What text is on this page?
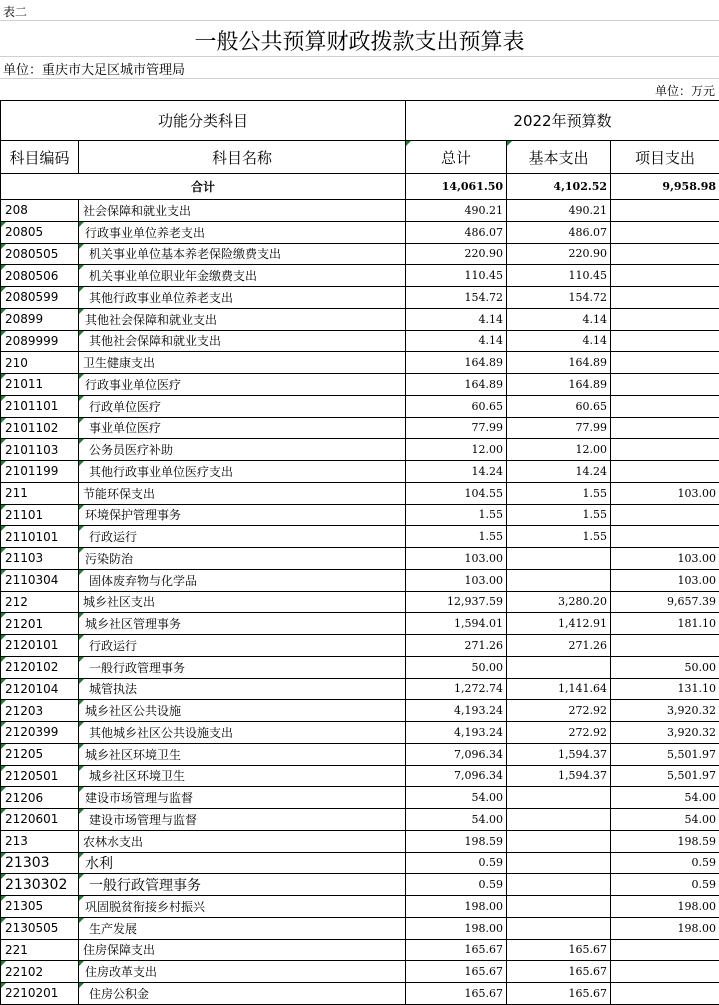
表二
一般公共预算财政拨款支出预算表
单位：重庆市大足区城市管理局
单位：万元
功能分类科目		2022年预算数		
科目编码	科目名称	总计	基本支出	项目支出
合计		14,061.50	4,102.52	9,958.98
208	社会保障和就业支出	490.21	490.21	
20805	行政事业单位养老支出	486.07	486.07	
2080505	机关事业单位基本养老保险缴费支出	220.90	220.90	
2080506	机关事业单位职业年金缴费支出	110.45	110.45	
2080599	其他行政事业单位养老支出	154.72	154.72	
20899	其他社会保障和就业支出	4.14	4.14	
2089999	其他社会保障和就业支出	4.14	4.14	
210	卫生健康支出	164.89	164.89	
21011	行政事业单位医疗	164.89	164.89	
2101101	行政单位医疗	60.65	60.65	
2101102	事业单位医疗	77.99	77.99	
2101103	公务员医疗补助	12.00	12.00	
2101199	其他行政事业单位医疗支出	14.24	14.24	
211	节能环保支出	104.55	1.55	103.00
21101	环境保护管理事务	1.55	1.55	
2110101	行政运行	1.55	1.55	
21103	污染防治	103.00		103.00
2110304	固体废弃物与化学品	103.00		103.00
212	城乡社区支出	12,937.59	3,280.20	9,657.39
21201	城乡社区管理事务	1,594.01	1,412.91	181.10
2120101	行政运行	271.26	271.26	
2120102	一般行政管理事务	50.00		50.00
2120104	城管执法	1,272.74	1,141.64	131.10
21203	城乡社区公共设施	4,193.24	272.92	3,920.32
2120399	其他城乡社区公共设施支出	4,193.24	272.92	3,920.32
21205	城乡社区环境卫生	7,096.34	1,594.37	5,501.97
2120501	城乡社区环境卫生	7,096.34	1,594.37	5,501.97
21206	建设市场管理与监督	54.00		54.00
2120601	建设市场管理与监督	54.00		54.00
213	农林水支出	198.59		198.59
21303	水利	0.59		0.59
2130302	一般行政管理事务	0.59		0.59
21305	巩固脱贫衔接乡村振兴	198.00		198.00
2130505	生产发展	198.00		198.00
221	住房保障支出	165.67	165.67	
22102	住房改革支出	165.67	165.67	
2210201	住房公积金	165.67	165.67	
